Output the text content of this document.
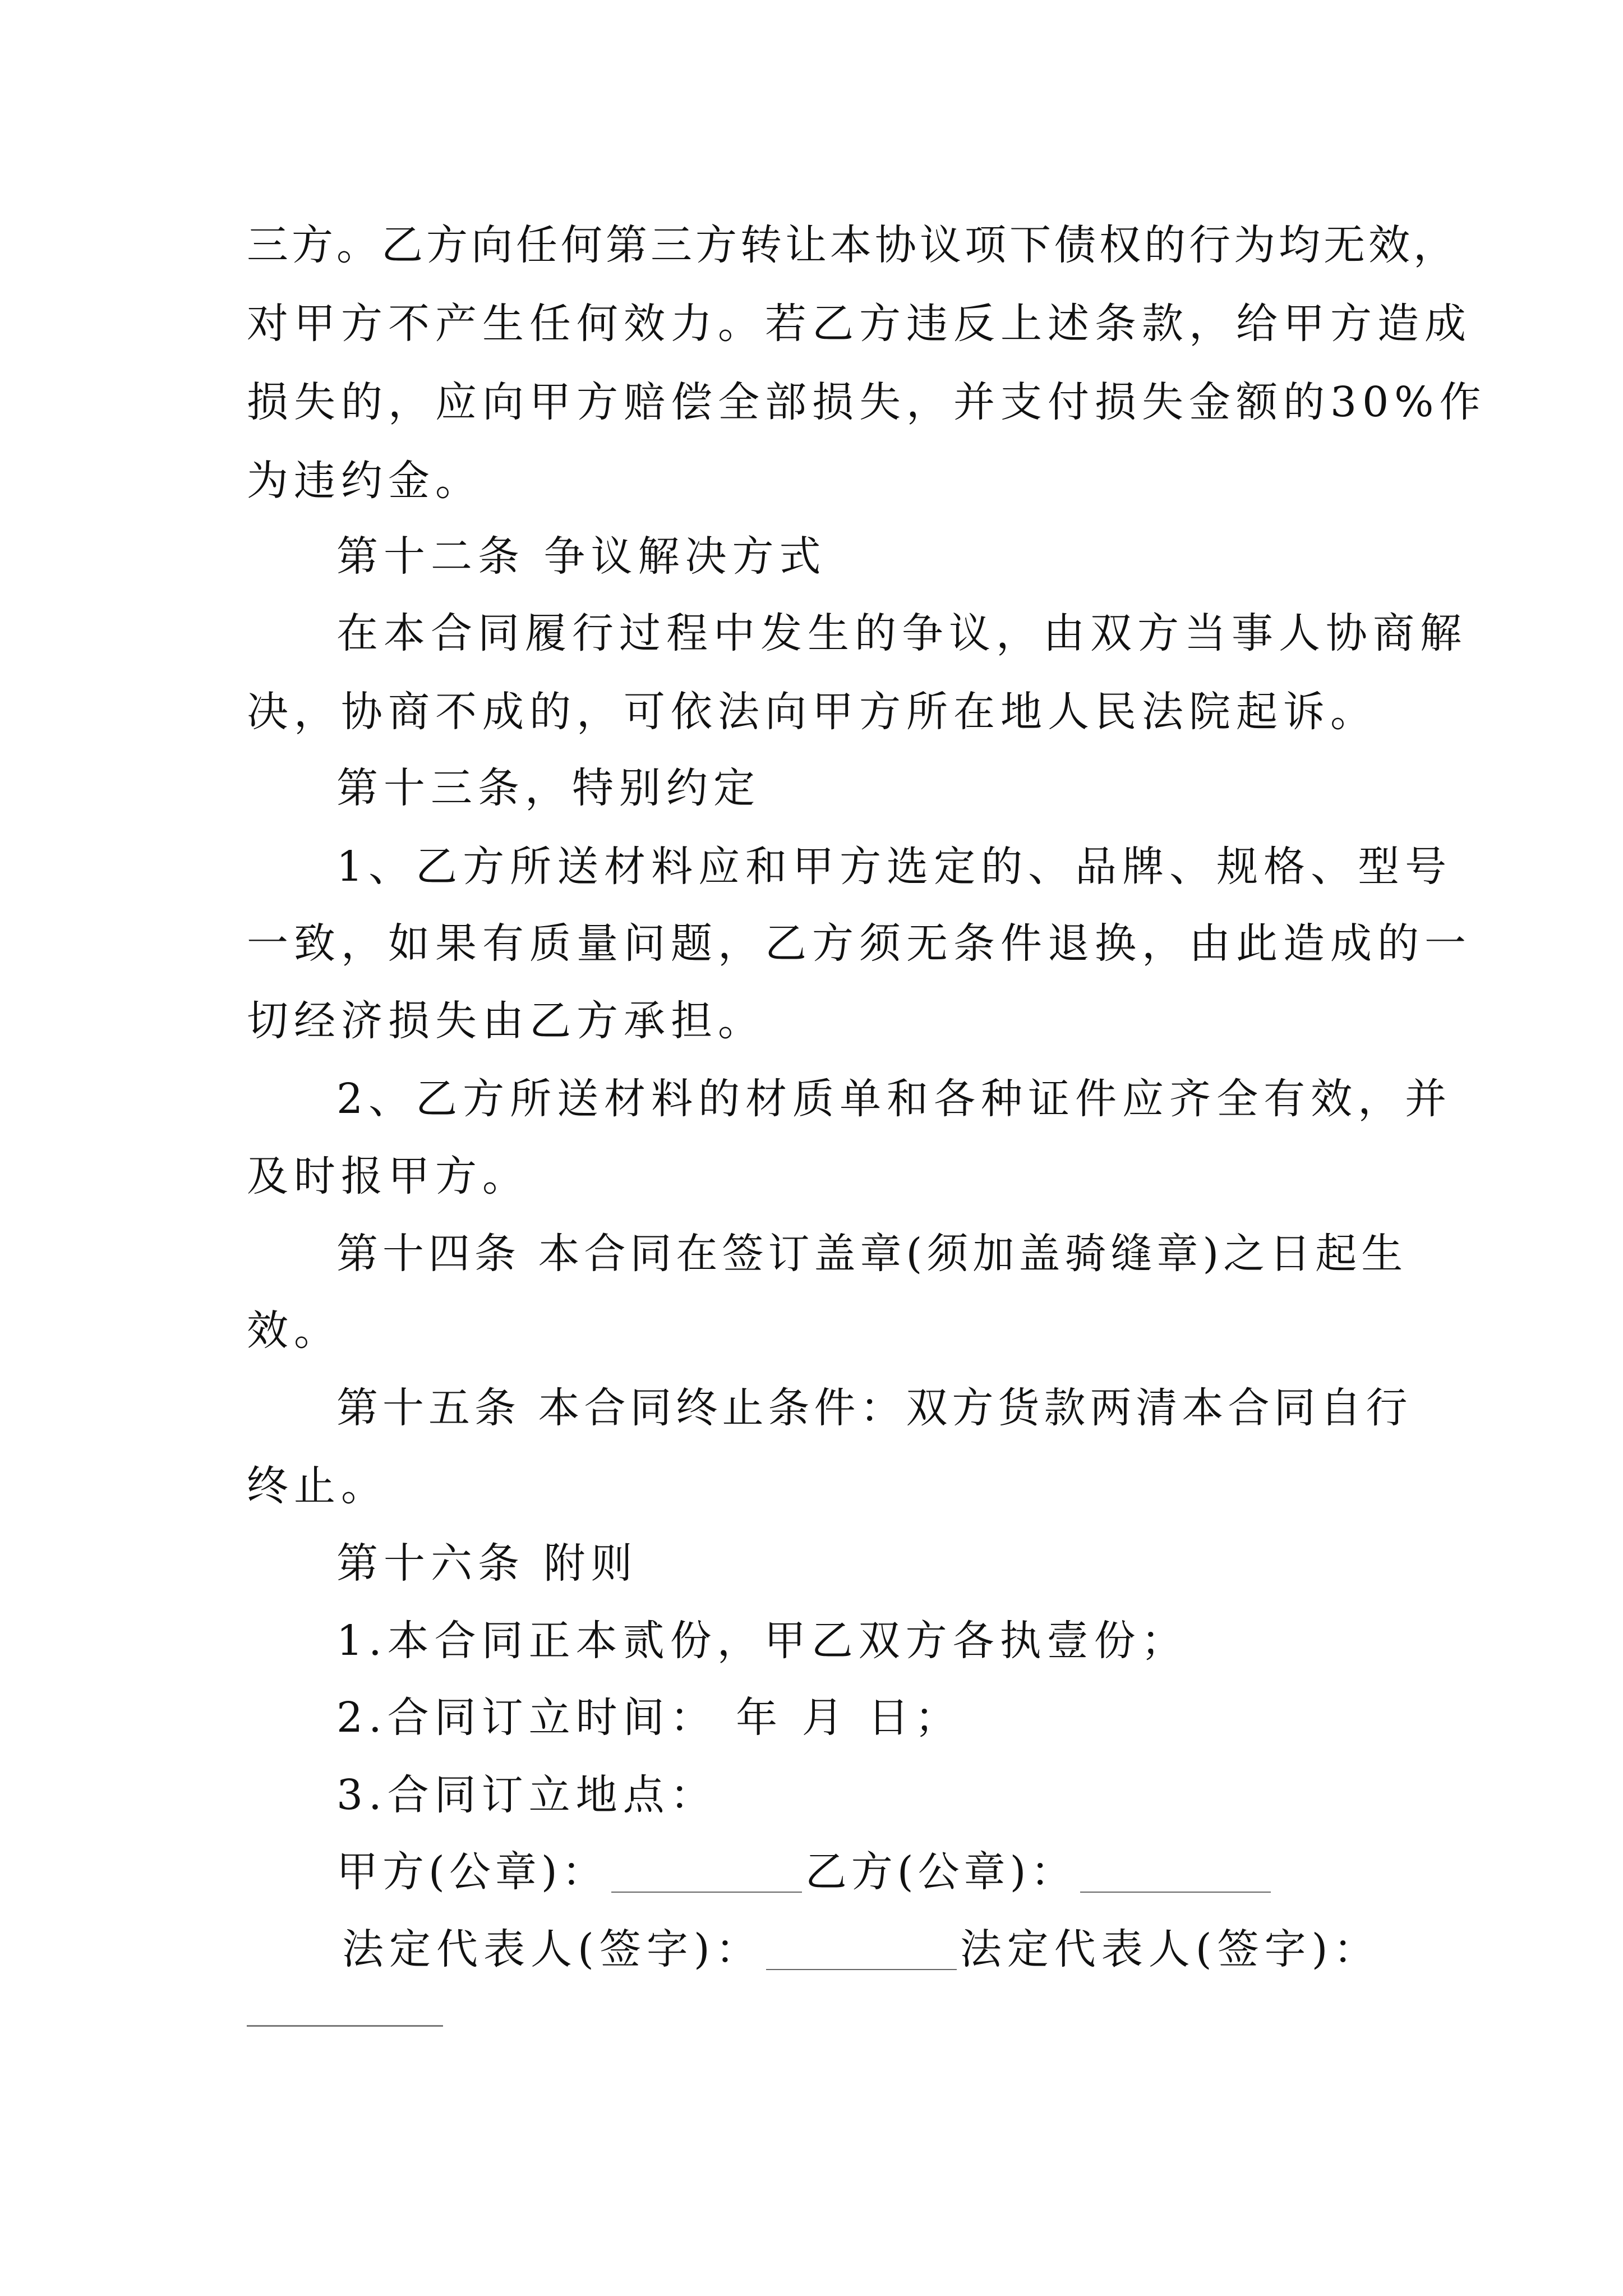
三方。乙方向任何第三方转让本协议项下债权的行为均无效，
对甲方不产生任何效力。若乙方违反上述条款，给甲方造成
损失的，应向甲方赔偿全部损失，并支付损失金额的30%作
为违约金。
第十二条 争议解决方式
在本合同履行过程中发生的争议，由双方当事人协商解
决，协商不成的，可依法向甲方所在地人民法院起诉。
第十三条，特别约定
1、乙方所送材料应和甲方选定的、品牌、规格、型号
一致，如果有质量问题，乙方须无条件退换，由此造成的一
切经济损失由乙方承担。
2、乙方所送材料的材质单和各种证件应齐全有效，并
及时报甲方。
第十四条 本合同在签订盖章(须加盖骑缝章)之日起生
效。
第十五条 本合同终止条件：双方货款两清本合同自行
终止。
第十六条 附则
1.本合同正本贰份，甲乙双方各执壹份；
2.合同订立时间： 年 月 日；
3.合同订立地点：
甲方(公章)：	乙方(公章)：
法定代表人(签字)：	法定代表人(签字)：
